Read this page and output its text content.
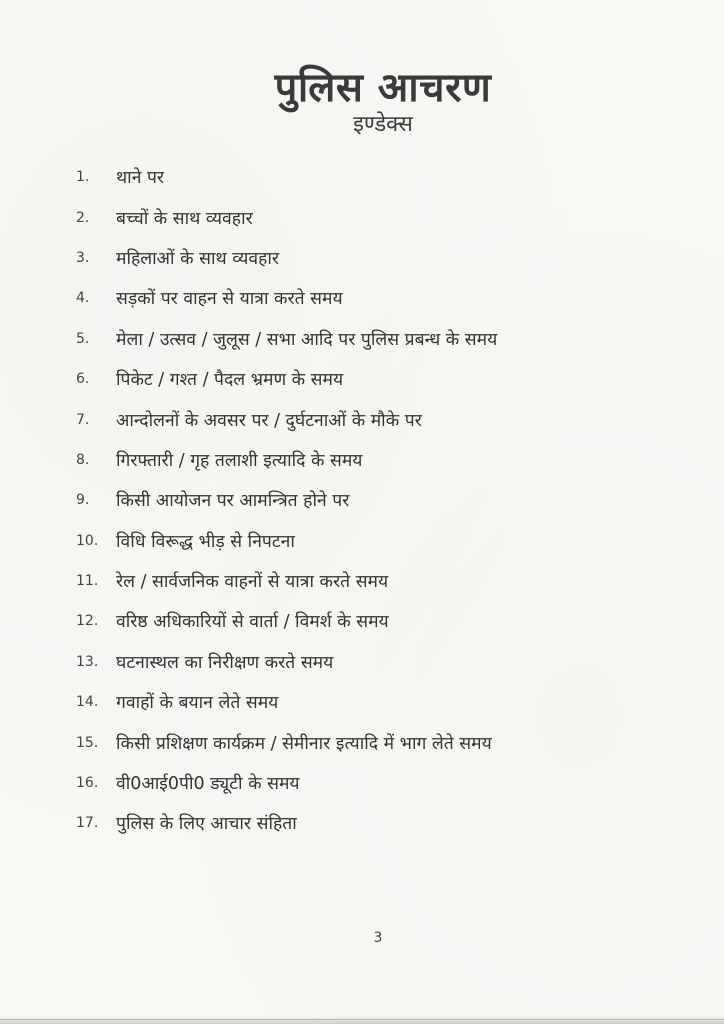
पुलिस आचरण
इण्डेक्स
1.	थाने पर
2.	बच्चों के साथ व्यवहार
3.	महिलाओं के साथ व्यवहार
4.	सड़कों पर वाहन से यात्रा करते समय
5.	मेला / उत्सव / जुलूस / सभा आदि पर पुलिस प्रबन्ध के समय
6.	पिकेट / गश्त / पैदल भ्रमण के समय
7.	आन्दोलनों के अवसर पर / दुर्घटनाओं के मौके पर
8.	गिरफ्तारी / गृह तलाशी इत्यादि के समय
9.	किसी आयोजन पर आमन्त्रित होने पर
10.	विधि विरूद्ध भीड़ से निपटना
11.	रेल / सार्वजनिक वाहनों से यात्रा करते समय
12.	वरिष्ठ अधिकारियों से वार्ता / विमर्श के समय
13.	घटनास्थल का निरीक्षण करते समय
14.	गवाहों के बयान लेते समय
15.	किसी प्रशिक्षण कार्यक्रम / सेमीनार इत्यादि में भाग लेते समय
16.	वी0आई0पी0 ड्यूटी के समय
17.	पुलिस के लिए आचार संहिता
3
